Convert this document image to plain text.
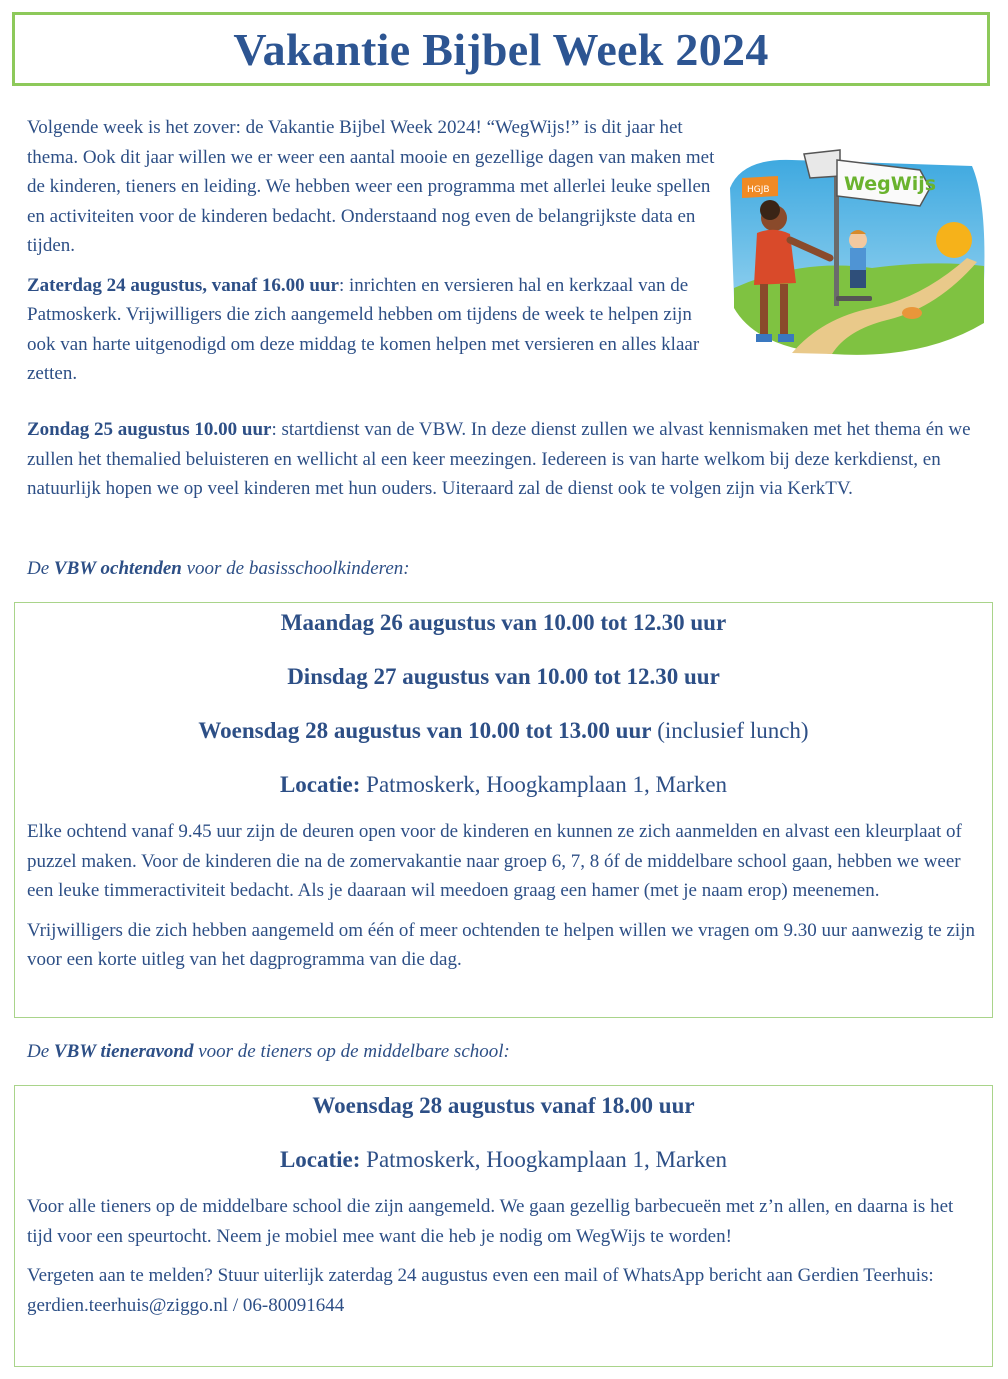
Vakantie Bijbel Week 2024

Volgende week is het zover: de Vakantie Bijbel Week 2024! “WegWijs!” is dit jaar het thema. Ook dit jaar willen we er weer een aantal mooie en gezellige dagen van maken met de kinderen, tieners en leiding. We hebben weer een programma met allerlei leuke spellen en activiteiten voor de kinderen bedacht. Onderstaand nog even de belangrijkste data en tijden.

Zaterdag 24 augustus, vanaf 16.00 uur: inrichten en versieren hal en kerkzaal van de Patmoskerk. Vrijwilligers die zich aangemeld hebben om tijdens de week te helpen zijn ook van harte uitgenodigd om deze middag te komen helpen met versieren en alles klaar zetten.

WegWijs
HGJB

Zondag 25 augustus 10.00 uur: startdienst van de VBW. In deze dienst zullen we alvast kennismaken met het thema én we zullen het themalied beluisteren en wellicht al een keer meezingen. Iedereen is van harte welkom bij deze kerkdienst, en natuurlijk hopen we op veel kinderen met hun ouders. Uiteraard zal de dienst ook te volgen zijn via KerkTV.

De VBW ochtenden voor de basisschoolkinderen:

Maandag 26 augustus van 10.00 tot 12.30 uur
Dinsdag 27 augustus van 10.00 tot 12.30 uur
Woensdag 28 augustus van 10.00 tot 13.00 uur (inclusief lunch)
Locatie: Patmoskerk, Hoogkamplaan 1, Marken

Elke ochtend vanaf 9.45 uur zijn de deuren open voor de kinderen en kunnen ze zich aanmelden en alvast een kleurplaat of puzzel maken. Voor de kinderen die na de zomervakantie naar groep 6, 7, 8 óf de middelbare school gaan, hebben we weer een leuke timmeractiviteit bedacht. Als je daaraan wil meedoen graag een hamer (met je naam erop) meenemen.

Vrijwilligers die zich hebben aangemeld om één of meer ochtenden te helpen willen we vragen om 9.30 uur aanwezig te zijn voor een korte uitleg van het dagprogramma van die dag.

De VBW tieneravond voor de tieners op de middelbare school:

Woensdag 28 augustus vanaf 18.00 uur
Locatie: Patmoskerk, Hoogkamplaan 1, Marken

Voor alle tieners op de middelbare school die zijn aangemeld. We gaan gezellig barbecueën met z’n allen, en daarna is het tijd voor een speurtocht. Neem je mobiel mee want die heb je nodig om WegWijs te worden!

Vergeten aan te melden? Stuur uiterlijk zaterdag 24 augustus even een mail of WhatsApp bericht aan Gerdien Teerhuis: gerdien.teerhuis@ziggo.nl / 06-80091644
